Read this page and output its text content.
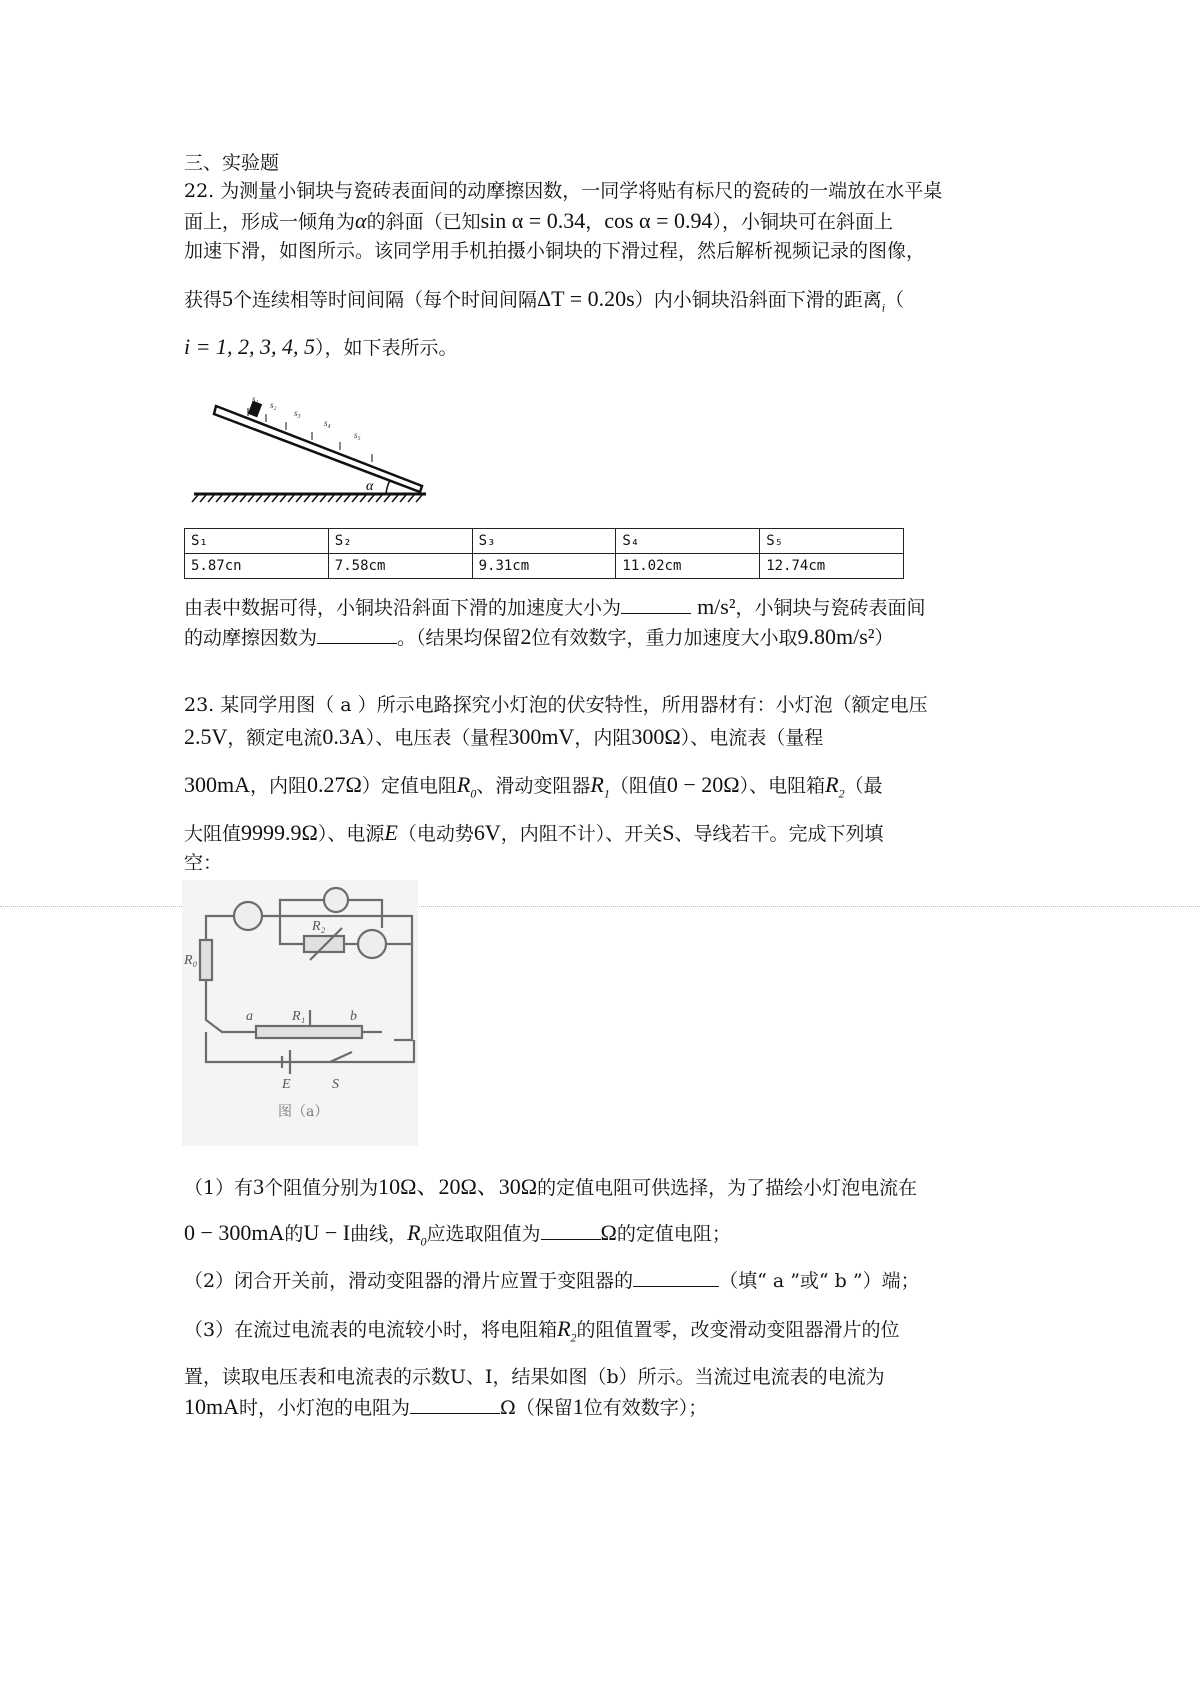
三、实验题
22. 为测量小铜块与瓷砖表面间的动摩擦因数，一同学将贴有标尺的瓷砖的一端放在水平桌
面上，形成一倾角为α的斜面（已知sin α = 0.34，cos α = 0.94），小铜块可在斜面上
加速下滑，如图所示。该同学用手机拍摄小铜块的下滑过程，然后解析视频记录的图像，
获得5个连续相等时间间隔（每个时间间隔ΔT = 0.20s）内小铜块沿斜面下滑的距离$_i$（
i = 1, 2, 3, 4, 5），如下表所示。
α
s₁
s₂
s₃
s₄
s₅
S₁	S₂	S₃	S₄	S₅
5.87cn	7.58cm	9.31cm	11.02cm	12.74cm
由表中数据可得，小铜块沿斜面下滑的加速度大小为	m/s²，小铜块与瓷砖表面间
的动摩擦因数为	。（结果均保留2位有效数字，重力加速度大小取9.80m/s²）
23. 某同学用图（ a ）所示电路探究小灯泡的伏安特性，所用器材有：小灯泡（额定电压
2.5V，额定电流0.3A）、电压表（量程300mV，内阻300Ω）、电流表（量程
300mA，内阻0.27Ω）定值电阻$R_0$、滑动变阻器$R_1$（阻值0 − 20Ω）、电阻箱$R_2$（最
大阻值9999.9Ω）、电源E（电动势6V，内阻不计）、开关S、导线若干。完成下列填
空：
R₀
R₂
a	R₁	b
E	S
图（a）
（1）有3个阻值分别为10Ω、20Ω、30Ω的定值电阻可供选择，为了描绘小灯泡电流在
0 − 300mA的U − I曲线，$R_0$应选取阻值为	Ω的定值电阻；
（2）闭合开关前，滑动变阻器的滑片应置于变阻器的	（填“ a ”或“ b ”）端；
（3）在流过电流表的电流较小时，将电阻箱$R_2$的阻值置零，改变滑动变阻器滑片的位
置，读取电压表和电流表的示数U、I，结果如图（b）所示。当流过电流表的电流为
10mA时，小灯泡的电阻为	Ω（保留1位有效数字）；
